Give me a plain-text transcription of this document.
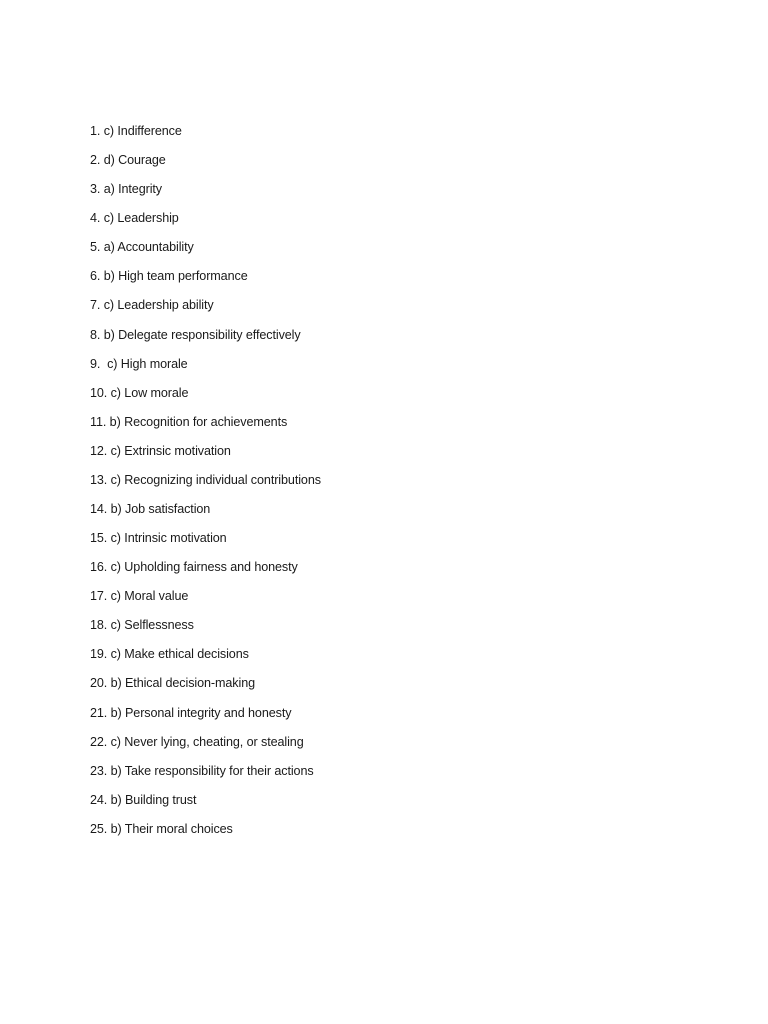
1. c) Indifference
2. d) Courage
3. a) Integrity
4. c) Leadership
5. a) Accountability
6. b) High team performance
7. c) Leadership ability
8. b) Delegate responsibility effectively
9.  c) High morale
10. c) Low morale
11. b) Recognition for achievements
12. c) Extrinsic motivation
13. c) Recognizing individual contributions
14. b) Job satisfaction
15. c) Intrinsic motivation
16. c) Upholding fairness and honesty
17. c) Moral value
18. c) Selflessness
19. c) Make ethical decisions
20. b) Ethical decision-making
21. b) Personal integrity and honesty
22. c) Never lying, cheating, or stealing
23. b) Take responsibility for their actions
24. b) Building trust
25. b) Their moral choices
